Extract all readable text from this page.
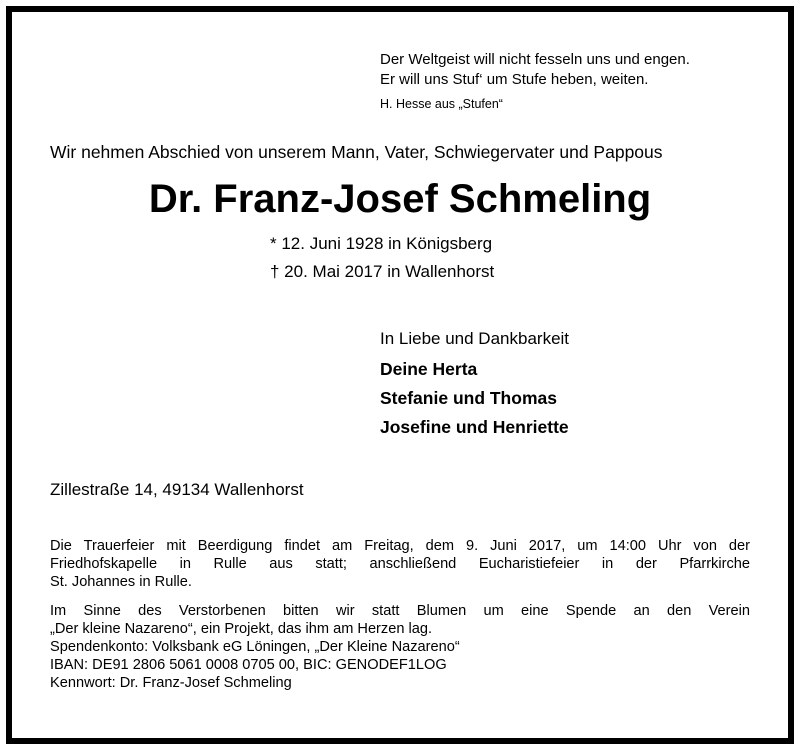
Der Weltgeist will nicht fesseln uns und engen.
Er will uns Stuf‘ um Stufe heben, weiten.
H. Hesse aus „Stufen“
Wir nehmen Abschied von unserem Mann, Vater, Schwiegervater und Pappous
Dr. Franz-Josef Schmeling
* 12. Juni 1928 in Königsberg
† 20. Mai 2017 in Wallenhorst
In Liebe und Dankbarkeit
Deine Herta
Stefanie und Thomas
Josefine und Henriette
Zillestraße 14, 49134 Wallenhorst
Die Trauerfeier mit Beerdigung findet am Freitag, dem 9. Juni 2017, um 14:00 Uhr von der
Friedhofskapelle in Rulle aus statt; anschließend Eucharistiefeier in der Pfarrkirche
St. Johannes in Rulle.
Im Sinne des Verstorbenen bitten wir statt Blumen um eine Spende an den Verein
„Der kleine Nazareno“, ein Projekt, das ihm am Herzen lag.
Spendenkonto: Volksbank eG Löningen, „Der Kleine Nazareno“
IBAN: DE91 2806 5061 0008 0705 00, BIC: GENODEF1LOG
Kennwort: Dr. Franz-Josef Schmeling
